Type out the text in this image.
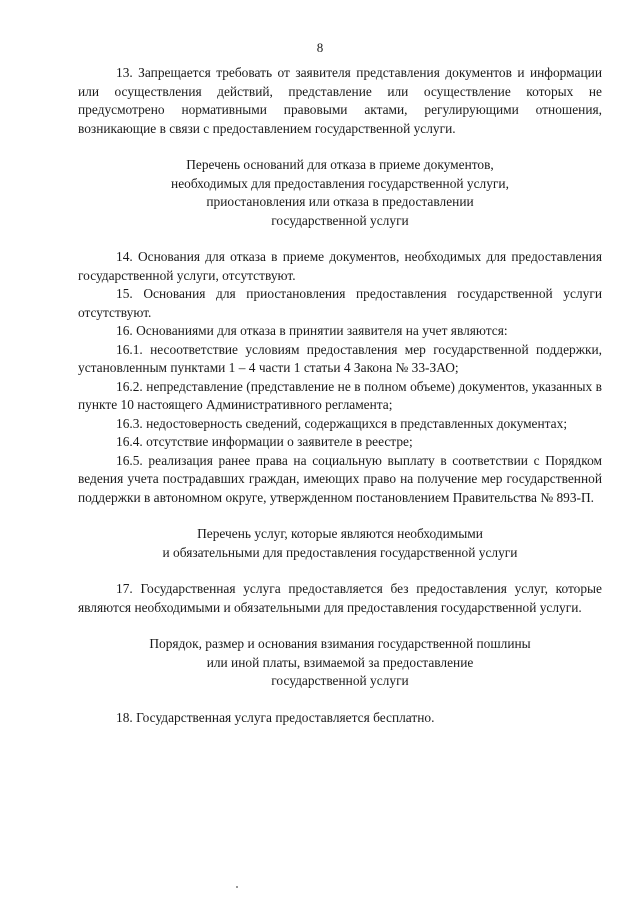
8

13. Запрещается требовать от заявителя представления документов и информации или осуществления действий, представление или осуществление которых не предусмотрено нормативными правовыми актами, регулирующими отношения, возникающие в связи с предоставлением государственной услуги.

Перечень оснований для отказа в приеме документов,
необходимых для предоставления государственной услуги,
приостановления или отказа в предоставлении
государственной услуги

14. Основания для отказа в приеме документов, необходимых для предоставления государственной услуги, отсутствуют.

15. Основания для приостановления предоставления государственной услуги отсутствуют.

16. Основаниями для отказа в принятии заявителя на учет являются:

16.1. несоответствие условиям предоставления мер государственной поддержки, установленным пунктами 1 – 4 части 1 статьи 4 Закона № 33-ЗАО;

16.2. непредставление (представление не в полном объеме) документов, указанных в пункте 10 настоящего Административного регламента;

16.3. недостоверность сведений, содержащихся в представленных документах;

16.4. отсутствие информации о заявителе в реестре;

16.5. реализация ранее права на социальную выплату в соответствии с Порядком ведения учета пострадавших граждан, имеющих право на получение мер государственной поддержки в автономном округе, утвержденном постановлением Правительства № 893-П.

Перечень услуг, которые являются необходимыми
и обязательными для предоставления государственной услуги

17. Государственная услуга предоставляется без предоставления услуг, которые являются необходимыми и обязательными для предоставления государственной услуги.

Порядок, размер и основания взимания государственной пошлины
или иной платы, взимаемой за предоставление
государственной услуги

18. Государственная услуга предоставляется бесплатно.
